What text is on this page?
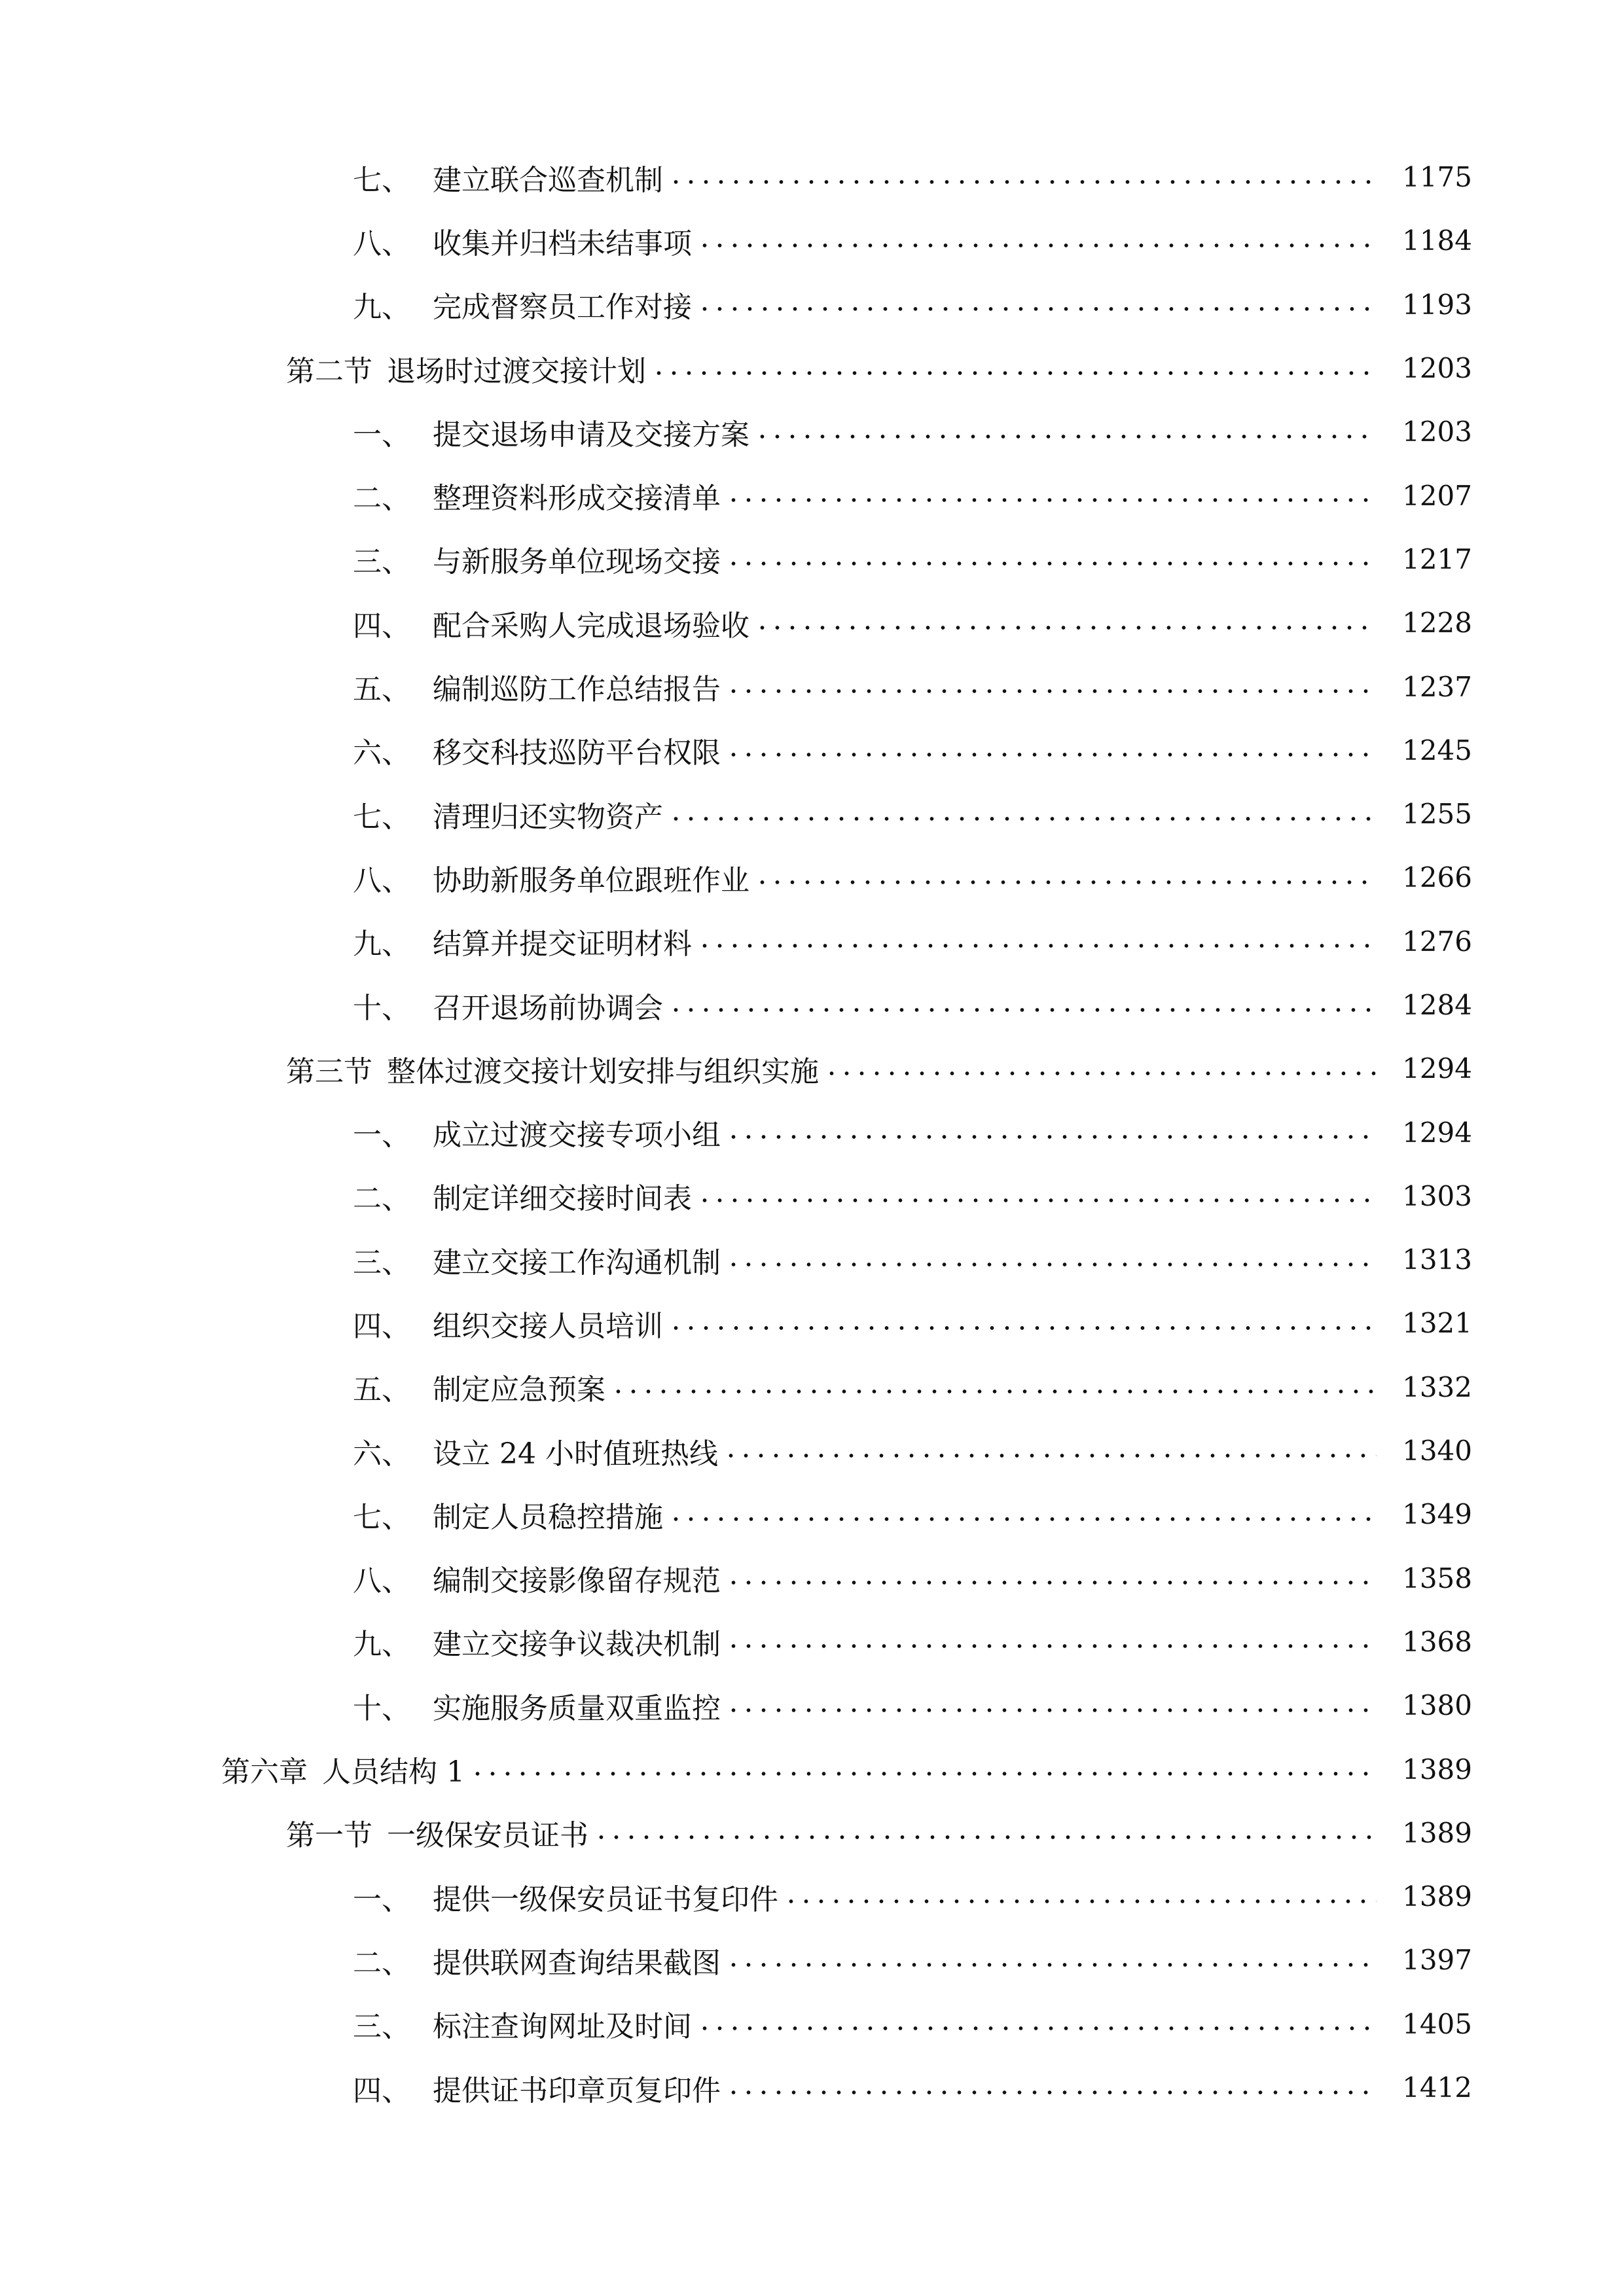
七、 建立联合巡查机制	1175
八、 收集并归档未结事项	1184
九、 完成督察员工作对接	1193
第二节 退场时过渡交接计划	1203
一、 提交退场申请及交接方案	1203
二、 整理资料形成交接清单	1207
三、 与新服务单位现场交接	1217
四、 配合采购人完成退场验收	1228
五、 编制巡防工作总结报告	1237
六、 移交科技巡防平台权限	1245
七、 清理归还实物资产	1255
八、 协助新服务单位跟班作业	1266
九、 结算并提交证明材料	1276
十、 召开退场前协调会	1284
第三节 整体过渡交接计划安排与组织实施	1294
一、 成立过渡交接专项小组	1294
二、 制定详细交接时间表	1303
三、 建立交接工作沟通机制	1313
四、 组织交接人员培训	1321
五、 制定应急预案	1332
六、 设立 24 小时值班热线	1340
七、 制定人员稳控措施	1349
八、 编制交接影像留存规范	1358
九、 建立交接争议裁决机制	1368
十、 实施服务质量双重监控	1380
第六章 人员结构 1	1389
第一节 一级保安员证书	1389
一、 提供一级保安员证书复印件	1389
二、 提供联网查询结果截图	1397
三、 标注查询网址及时间	1405
四、 提供证书印章页复印件	1412
